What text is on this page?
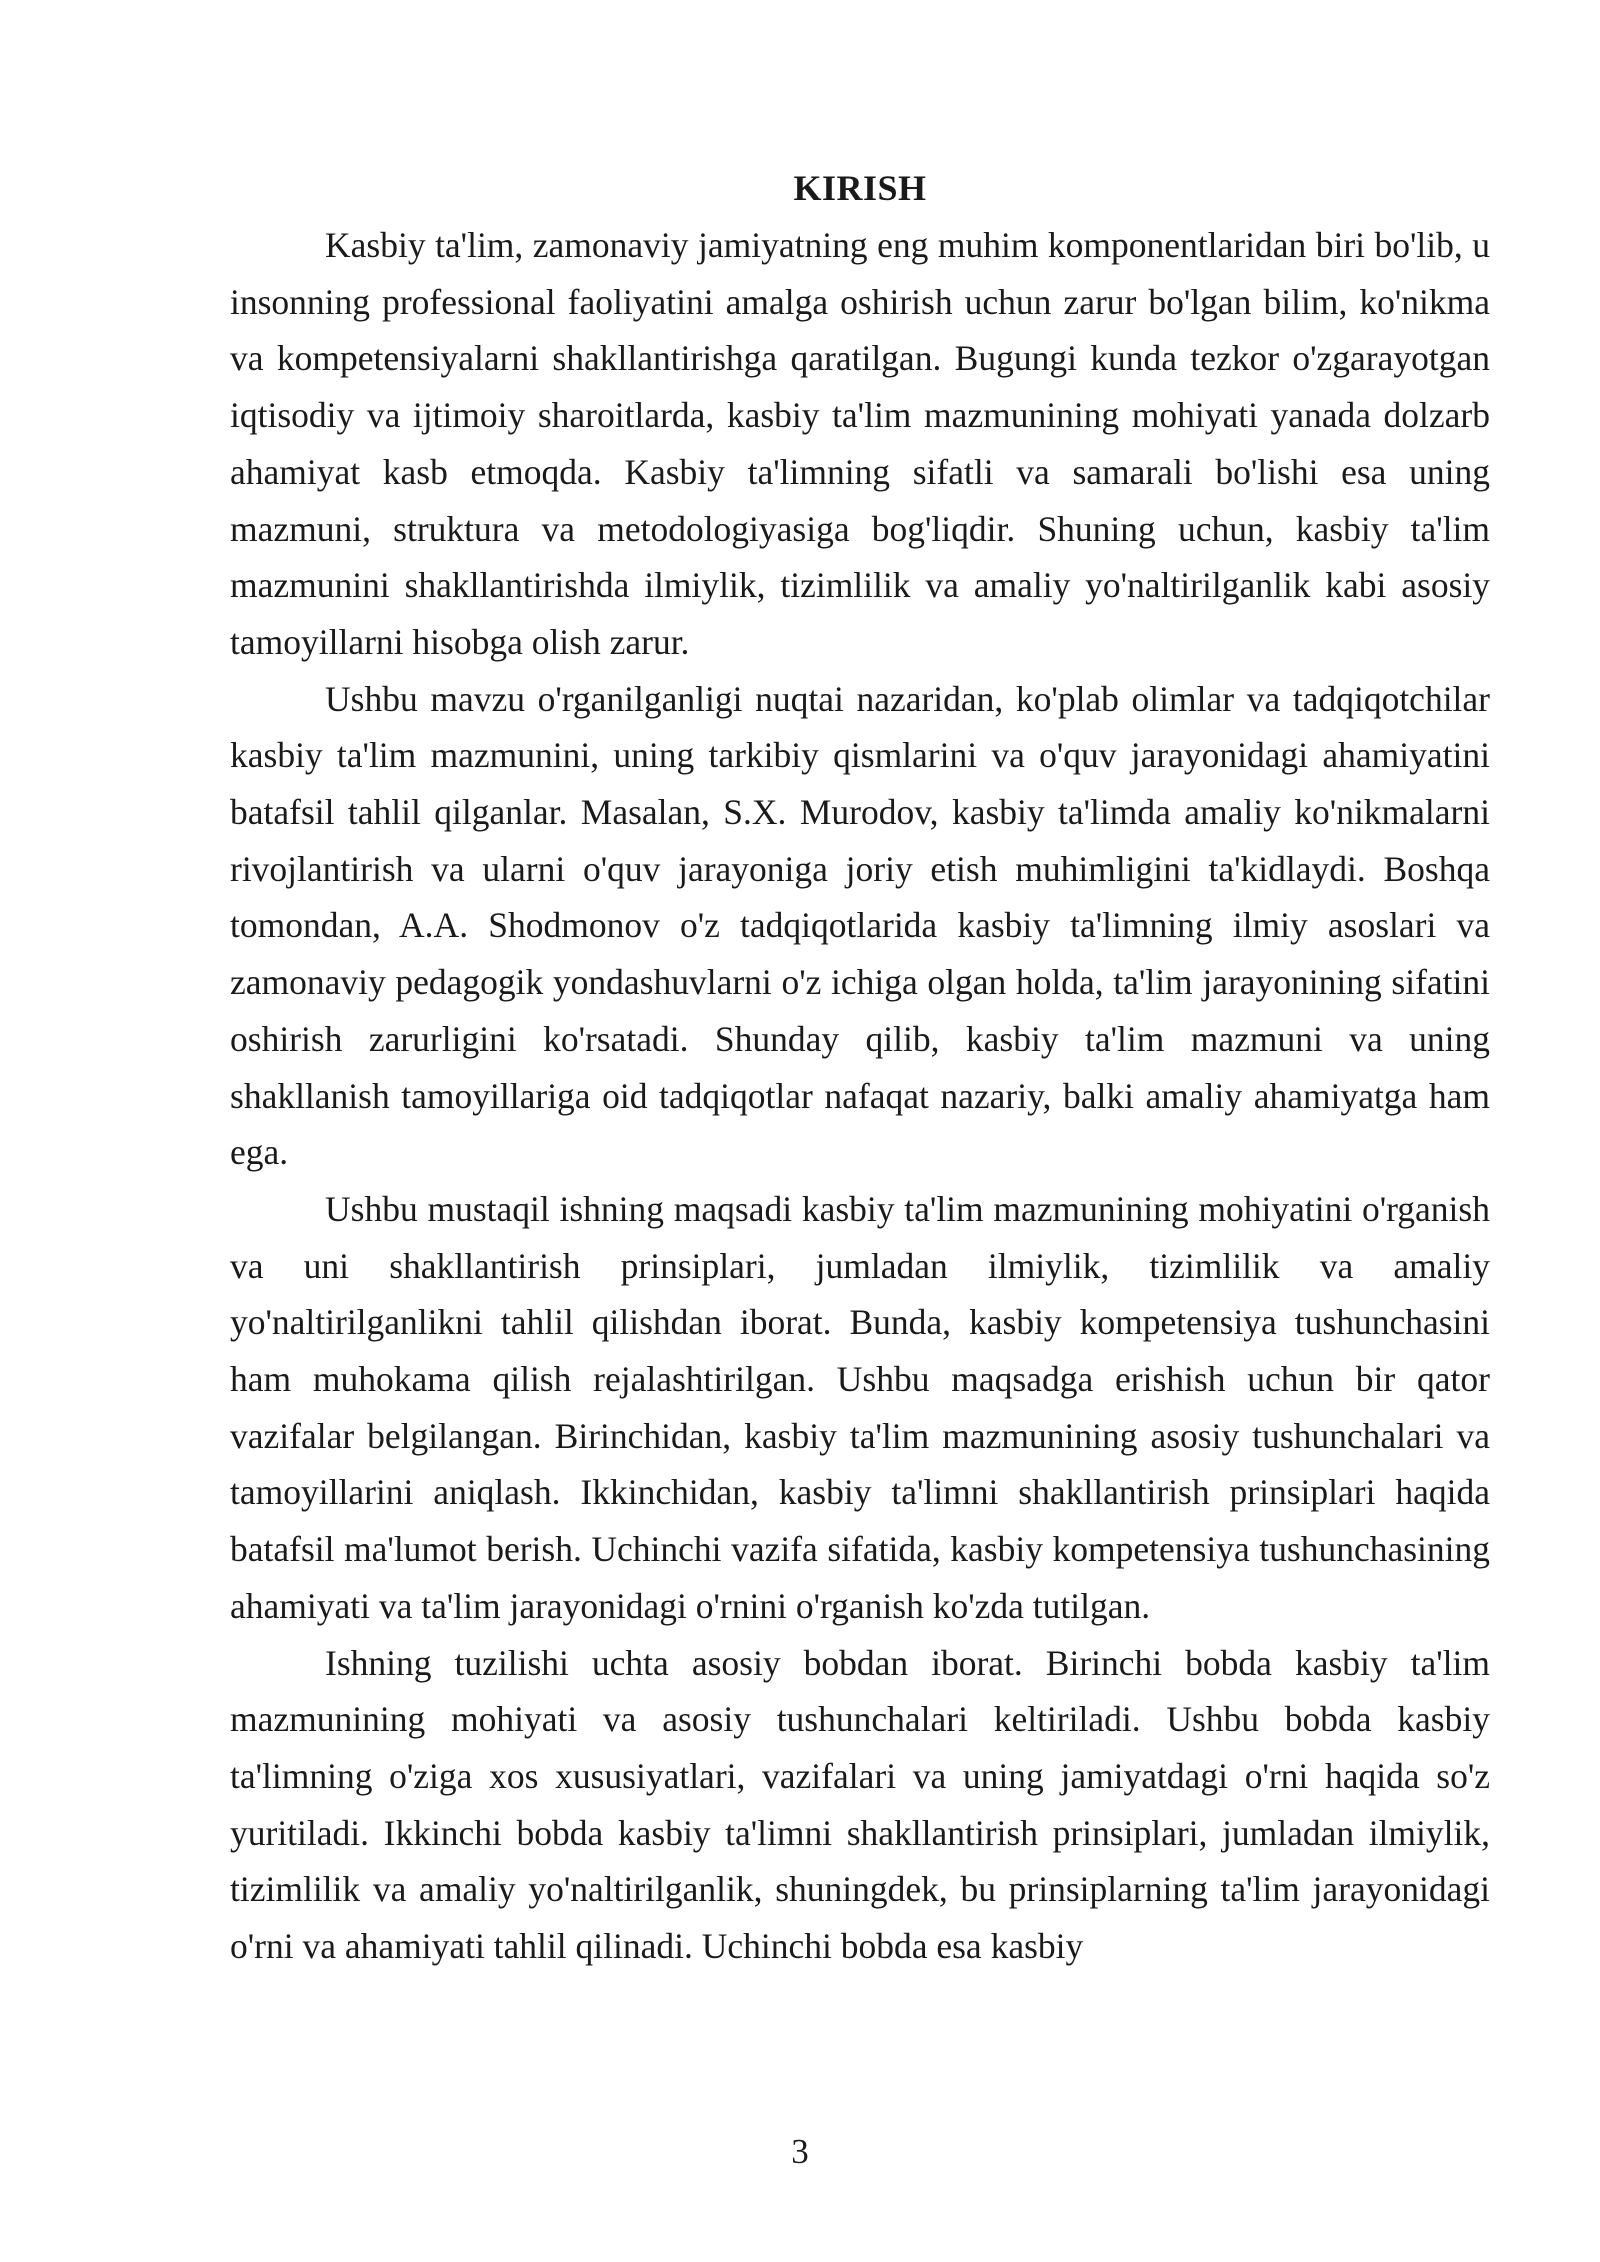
KIRISH

Kasbiy ta'lim, zamonaviy jamiyatning eng muhim komponentlaridan biri bo'lib, u insonning professional faoliyatini amalga oshirish uchun zarur bo'lgan bilim, ko'nikma va kompetensiyalarni shakllantirishga qaratilgan. Bugungi kunda tezkor o'zgarayotgan iqtisodiy va ijtimoiy sharoitlarda, kasbiy ta'lim mazmunining mohiyati yanada dolzarb ahamiyat kasb etmoqda. Kasbiy ta'limning sifatli va samarali bo'lishi esa uning mazmuni, struktura va metodologiyasiga bog'liqdir. Shuning uchun, kasbiy ta'lim mazmunini shakllantirishda ilmiylik, tizimlilik va amaliy yo'naltirilganlik kabi asosiy tamoyillarni hisobga olish zarur.

Ushbu mavzu o'rganilganligi nuqtai nazaridan, ko'plab olimlar va tadqiqotchilar kasbiy ta'lim mazmunini, uning tarkibiy qismlarini va o'quv jarayonidagi ahamiyatini batafsil tahlil qilganlar. Masalan, S.X. Murodov, kasbiy ta'limda amaliy ko'nikmalarni rivojlantirish va ularni o'quv jarayoniga joriy etish muhimligini ta'kidlaydi. Boshqa tomondan, A.A. Shodmonov o'z tadqiqotlarida kasbiy ta'limning ilmiy asoslari va zamonaviy pedagogik yondashuvlarni o'z ichiga olgan holda, ta'lim jarayonining sifatini oshirish zarurligini ko'rsatadi. Shunday qilib, kasbiy ta'lim mazmuni va uning shakllanish tamoyillariga oid tadqiqotlar nafaqat nazariy, balki amaliy ahamiyatga ham ega.

Ushbu mustaqil ishning maqsadi kasbiy ta'lim mazmunining mohiyatini o'rganish va uni shakllantirish prinsiplari, jumladan ilmiylik, tizimlilik va amaliy yo'naltirilganlikni tahlil qilishdan iborat. Bunda, kasbiy kompetensiya tushunchasini ham muhokama qilish rejalashtirilgan. Ushbu maqsadga erishish uchun bir qator vazifalar belgilangan. Birinchidan, kasbiy ta'lim mazmunining asosiy tushunchalari va tamoyillarini aniqlash. Ikkinchidan, kasbiy ta'limni shakllantirish prinsiplari haqida batafsil ma'lumot berish. Uchinchi vazifa sifatida, kasbiy kompetensiya tushunchasining ahamiyati va ta'lim jarayonidagi o'rnini o'rganish ko'zda tutilgan.

Ishning tuzilishi uchta asosiy bobdan iborat. Birinchi bobda kasbiy ta'lim mazmunining mohiyati va asosiy tushunchalari keltiriladi. Ushbu bobda kasbiy ta'limning o'ziga xos xususiyatlari, vazifalari va uning jamiyatdagi o'rni haqida so'z yuritiladi. Ikkinchi bobda kasbiy ta'limni shakllantirish prinsiplari, jumladan ilmiylik, tizimlilik va amaliy yo'naltirilganlik, shuningdek, bu prinsiplarning ta'lim jarayonidagi o'rni va ahamiyati tahlil qilinadi. Uchinchi bobda esa kasbiy

3
